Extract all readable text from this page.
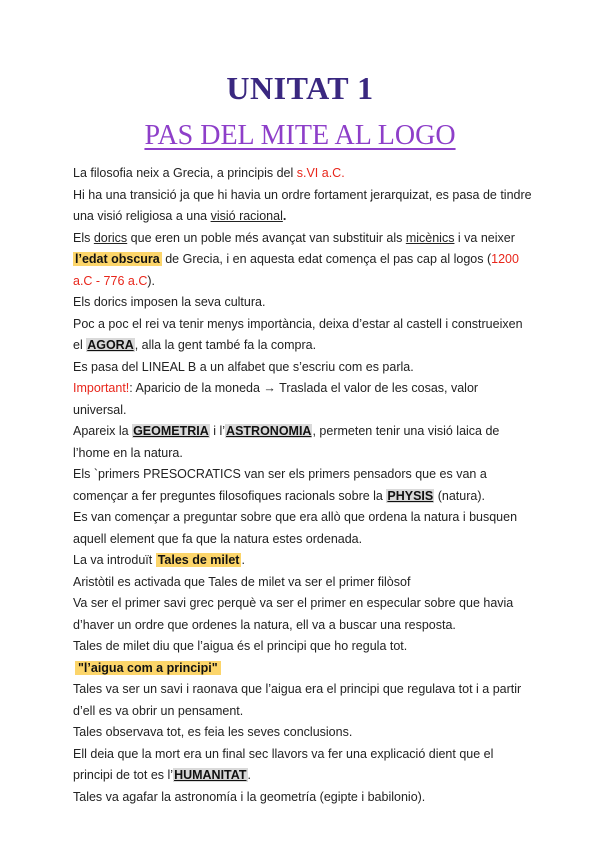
UNITAT 1
PAS DEL MITE AL LOGO

La filosofia neix a Grecia, a principis del s.VI a.C.

Hi ha una transició ja que hi havia un ordre fortament jerarquizat, es pasa de tindre una visió religiosa a una visió racional.

Els dorics que eren un poble més avançat van substituir als micènics i va neixer l’edat obscura de Grecia, i en aquesta edat comença el pas cap al logos (1200 a.C - 776 a.C).

Els dorics imposen la seva cultura.

Poc a poc el rei va tenir menys importància, deixa d’estar al castell i construeixen el AGORA, alla la gent també fa la compra.

Es pasa del LINEAL B a un alfabet que s’escriu com es parla.

Important!: Aparicio de la moneda → Traslada el valor de les cosas, valor universal.

Apareix la GEOMETRIA i l’ASTRONOMIA, permeten tenir una visió laica de l’home en la natura.

Els `primers PRESOCRATICS van ser els primers pensadors que es van a començar a fer preguntes filosofiques racionals sobre la PHYSIS (natura).

Es van començar a preguntar sobre que era allò que ordena la natura i busquen aquell element que fa que la natura estes ordenada.

La va introduït Tales de milet .

Aristòtil es activada que Tales de milet va ser el primer filòsof

Va ser el primer savi grec perquè va ser el primer en especular sobre que havia d’haver un ordre que ordenes la natura, ell va a buscar una resposta.

Tales de milet diu que l’aigua és el principi que ho regula tot.

"l’aigua com a principi"

Tales va ser un savi i raonava que l’aigua era el principi que regulava tot i a partir d’ell es va obrir un pensament.

Tales observava tot, es feia les seves conclusions.

Ell deia que la mort era un final sec llavors va fer una explicació dient que el principi de tot es l’HUMANITAT.

Tales va agafar la astronomía i la geometría (egipte i babilonio).
